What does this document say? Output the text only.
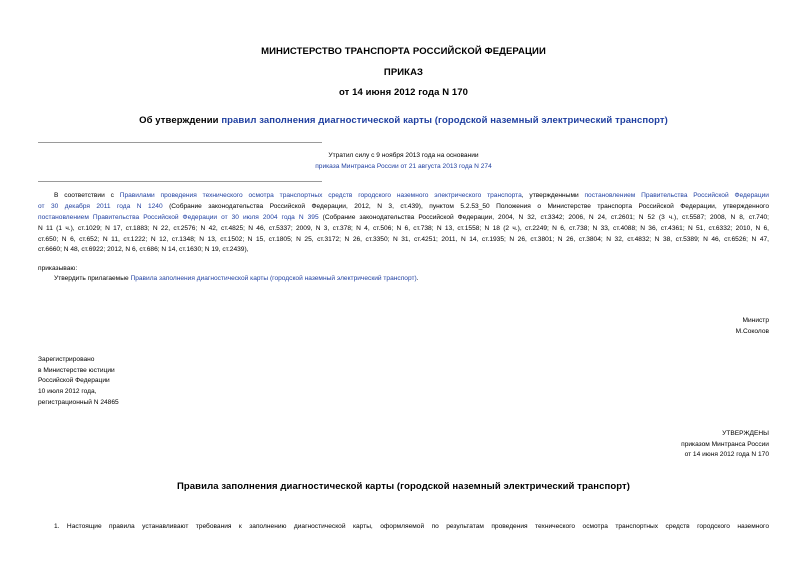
МИНИСТЕРСТВО ТРАНСПОРТА РОССИЙСКОЙ ФЕДЕРАЦИИ
ПРИКАЗ
от 14 июня 2012 года N 170
Об утверждении правил заполнения диагностической карты (городской наземный электрический транспорт)
Утратил силу с 9 ноября 2013 года на основании
приказа Минтранса России от 21 августа 2013 года N 274
В соответствии с Правилами проведения технического осмотра транспортных средств городского наземного электрического транспорта, утвержденными постановлением Правительства Российской Федерации
от 30 декабря 2011 года N 1240 (Собрание законодательства Российской Федерации, 2012, N 3, ст.439), пунктом 5.2.53_50 Положения о Министерстве транспорта Российской Федерации, утвержденного
постановлением Правительства Российской Федерации от 30 июля 2004 года N 395 (Собрание законодательства Российской Федерации, 2004, N 32, ст.3342; 2006, N 24, ст.2601; N 52 (3 ч.), ст.5587; 2008, N 8, ст.740;
N 11 (1 ч.), ст.1029; N 17, ст.1883; N 22, ст.2576; N 42, ст.4825; N 46, ст.5337; 2009, N 3, ст.378; N 4, ст.506; N 6, ст.738; N 13, ст.1558; N 18 (2 ч.), ст.2249; N 6, ст.738; N 33, ст.4088; N 36, ст.4361; N 51, ст.6332; 2010, N 6,
ст.650; N 6, ст.652; N 11, ст.1222; N 12, ст.1348; N 13, ст.1502; N 15, ст.1805; N 25, ст.3172; N 26, ст.3350; N 31, ст.4251; 2011, N 14, ст.1935; N 26, ст.3801; N 26, ст.3804; N 32, ст.4832; N 38, ст.5389; N 46, ст.6526; N 47,
ст.6660; N 48, ст.6922; 2012, N 6, ст.686; N 14, ст.1630; N 19, ст.2439),
приказываю:
Утвердить прилагаемые Правила заполнения диагностической карты (городской наземный электрический транспорт).
Министр
М.Соколов
Зарегистрировано
в Министерстве юстиции
Российской Федерации
10 июля 2012 года,
регистрационный N 24865
УТВЕРЖДЕНЫ
приказом Минтранса России
от 14 июня 2012 года N 170
Правила заполнения диагностической карты (городской наземный электрический транспорт)
1. Настоящие правила устанавливают требования к заполнению диагностической карты, оформляемой по результатам проведения технического осмотра транспортных средств городского наземного
